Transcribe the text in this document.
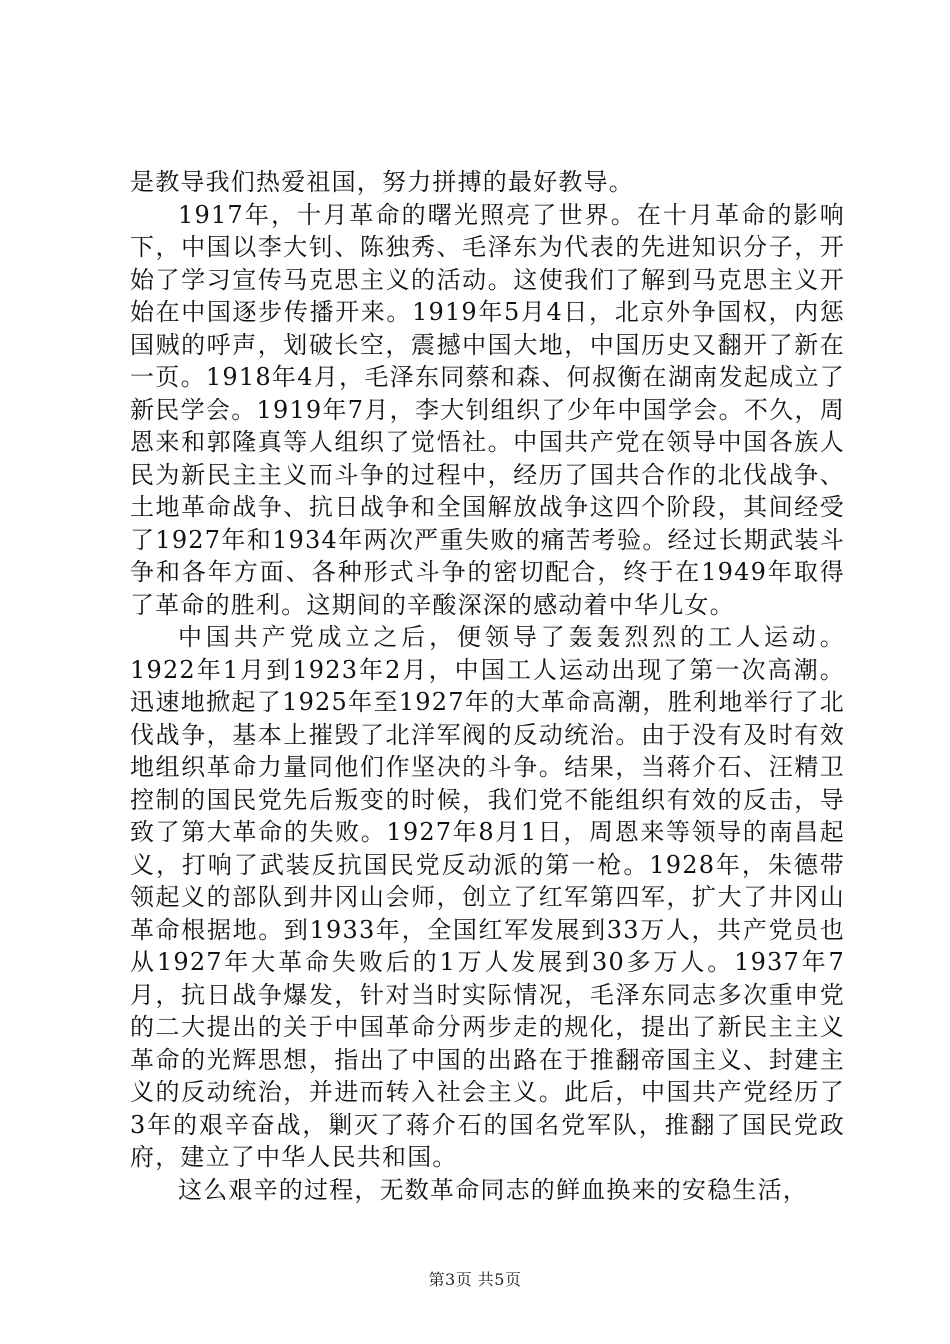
是教导我们热爱祖国，努力拼搏的最好教导。

1917年，十月革命的曙光照亮了世界。在十月革命的影响下，中国以李大钊、陈独秀、毛泽东为代表的先进知识分子，开始了学习宣传马克思主义的活动。这使我们了解到马克思主义开始在中国逐步传播开来。1919年5月4日，北京外争国权，内惩国贼的呼声，划破长空，震撼中国大地，中国历史又翻开了新在一页。1918年4月，毛泽东同蔡和森、何叔衡在湖南发起成立了新民学会。1919年7月，李大钊组织了少年中国学会。不久，周恩来和郭隆真等人组织了觉悟社。中国共产党在领导中国各族人民为新民主主义而斗争的过程中，经历了国共合作的北伐战争、土地革命战争、抗日战争和全国解放战争这四个阶段，其间经受了1927年和1934年两次严重失败的痛苦考验。经过长期武装斗争和各年方面、各种形式斗争的密切配合，终于在1949年取得了革命的胜利。这期间的辛酸深深的感动着中华儿女。

中国共产党成立之后，便领导了轰轰烈烈的工人运动。1922年1月到1923年2月，中国工人运动出现了第一次高潮。迅速地掀起了1925年至1927年的大革命高潮，胜利地举行了北伐战争，基本上摧毁了北洋军阀的反动统治。由于没有及时有效地组织革命力量同他们作坚决的斗争。结果，当蒋介石、汪精卫控制的国民党先后叛变的时候，我们党不能组织有效的反击，导致了第大革命的失败。1927年8月1日，周恩来等领导的南昌起义，打响了武装反抗国民党反动派的第一枪。1928年，朱德带领起义的部队到井冈山会师，创立了红军第四军，扩大了井冈山革命根据地。到1933年，全国红军发展到33万人，共产党员也从1927年大革命失败后的1万人发展到30多万人。1937年7月，抗日战争爆发，针对当时实际情况，毛泽东同志多次重申党的二大提出的关于中国革命分两步走的规化，提出了新民主主义革命的光辉思想，指出了中国的出路在于推翻帝国主义、封建主义的反动统治，并进而转入社会主义。此后，中国共产党经历了3年的艰辛奋战，剿灭了蒋介石的国名党军队，推翻了国民党政府，建立了中华人民共和国。

这么艰辛的过程，无数革命同志的鲜血换来的安稳生活，

第3页 共5页
